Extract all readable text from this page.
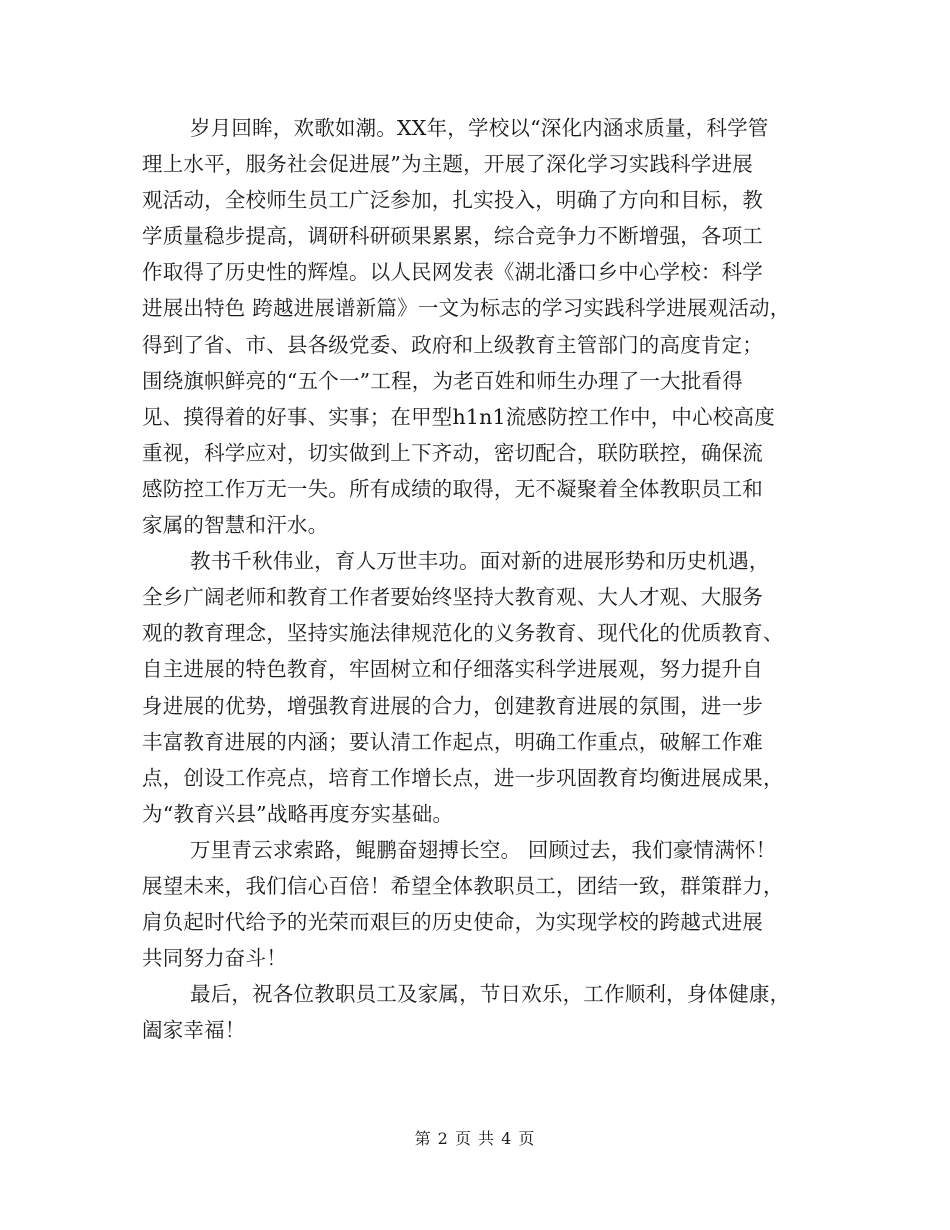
岁月回眸，欢歌如潮。XX年，学校以“深化内涵求质量，科学管
理上水平，服务社会促进展”为主题，开展了深化学习实践科学进展
观活动，全校师生员工广泛参加，扎实投入，明确了方向和目标，教
学质量稳步提高，调研科研硕果累累，综合竞争力不断增强，各项工
作取得了历史性的辉煌。以人民网发表《湖北潘口乡中心学校：科学
进展出特色 跨越进展谱新篇》一文为标志的学习实践科学进展观活动，
得到了省、市、县各级党委、政府和上级教育主管部门的高度肯定；
围绕旗帜鲜亮的“五个一”工程，为老百姓和师生办理了一大批看得
见、摸得着的好事、实事；在甲型h1n1流感防控工作中，中心校高度
重视，科学应对，切实做到上下齐动，密切配合，联防联控，确保流
感防控工作万无一失。所有成绩的取得，无不凝聚着全体教职员工和
家属的智慧和汗水。

教书千秋伟业，育人万世丰功。面对新的进展形势和历史机遇，
全乡广阔老师和教育工作者要始终坚持大教育观、大人才观、大服务
观的教育理念，坚持实施法律规范化的义务教育、现代化的优质教育、
自主进展的特色教育，牢固树立和仔细落实科学进展观，努力提升自
身进展的优势，增强教育进展的合力，创建教育进展的氛围，进一步
丰富教育进展的内涵；要认清工作起点，明确工作重点，破解工作难
点，创设工作亮点，培育工作增长点，进一步巩固教育均衡进展成果，
为“教育兴县”战略再度夯实基础。

万里青云求索路，鲲鹏奋翅搏长空。 回顾过去，我们豪情满怀！
展望未来，我们信心百倍！希望全体教职员工，团结一致，群策群力，
肩负起时代给予的光荣而艰巨的历史使命，为实现学校的跨越式进展
共同努力奋斗！

最后，祝各位教职员工及家属，节日欢乐，工作顺利，身体健康，
阖家幸福！

第 2 页 共 4 页
